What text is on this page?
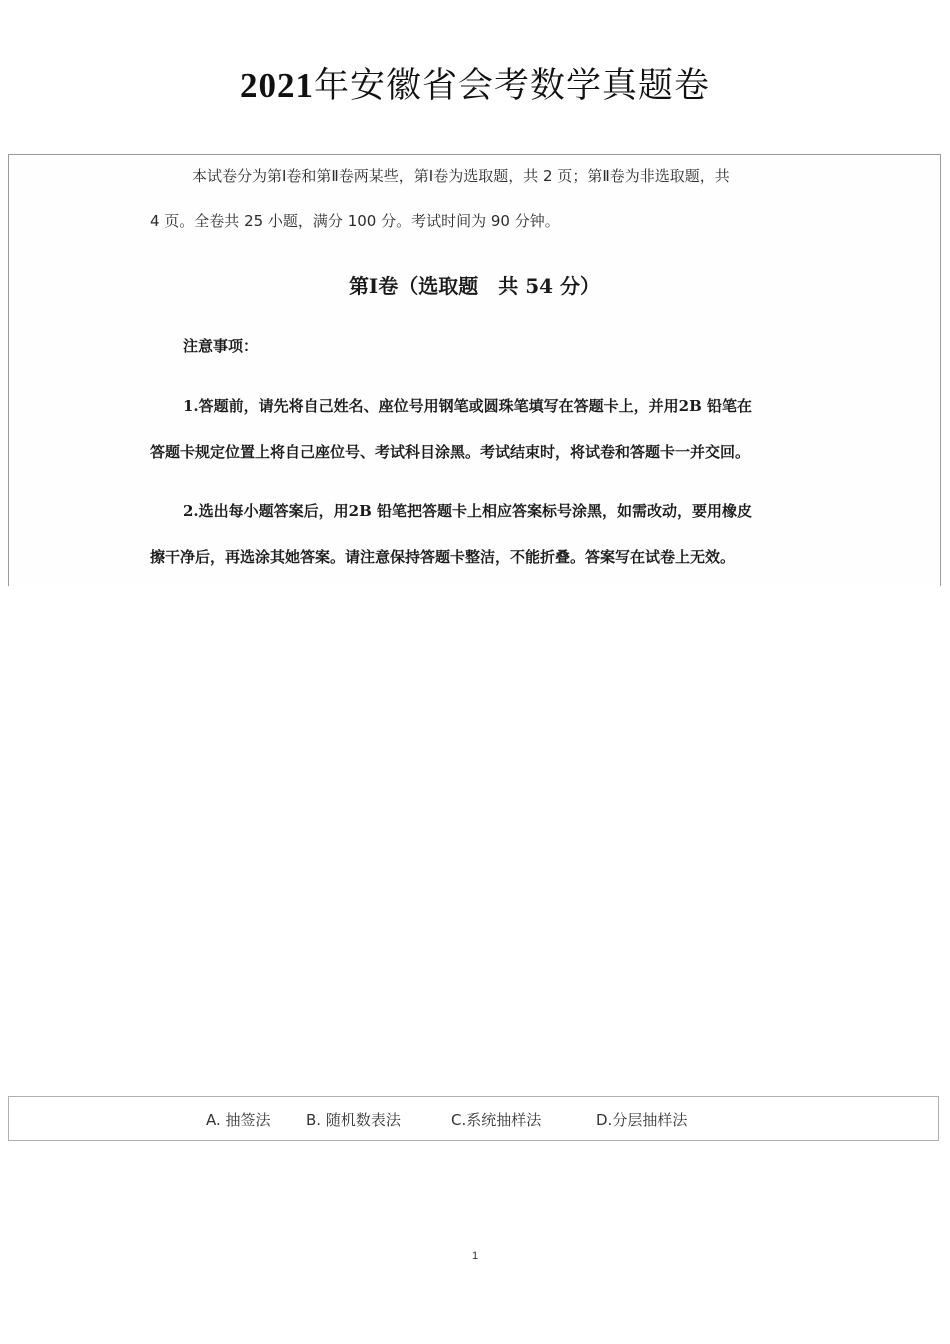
2021年安徽省会考数学真题卷
本试卷分为第Ⅰ卷和第Ⅱ卷两某些，第Ⅰ卷为选取题，共 2 页；第Ⅱ卷为非选取题，共
4 页。全卷共 25 小题，满分 100 分。考试时间为 90 分钟。
第Ⅰ卷（选取题　共 54 分）
注意事项：
1.答题前，请先将自己姓名、座位号用钢笔或圆珠笔填写在答题卡上，并用2B 铅笔在
答题卡规定位置上将自己座位号、考试科目涂黑。考试结束时，将试卷和答题卡一并交回。
2.选出每小题答案后，用2B 铅笔把答题卡上相应答案标号涂黑，如需改动，要用橡皮
擦干净后，再选涂其她答案。请注意保持答题卡整洁，不能折叠。答案写在试卷上无效。
A. 抽签法 B. 随机数表法	C.系统抽样法	D.分层抽样法
1
